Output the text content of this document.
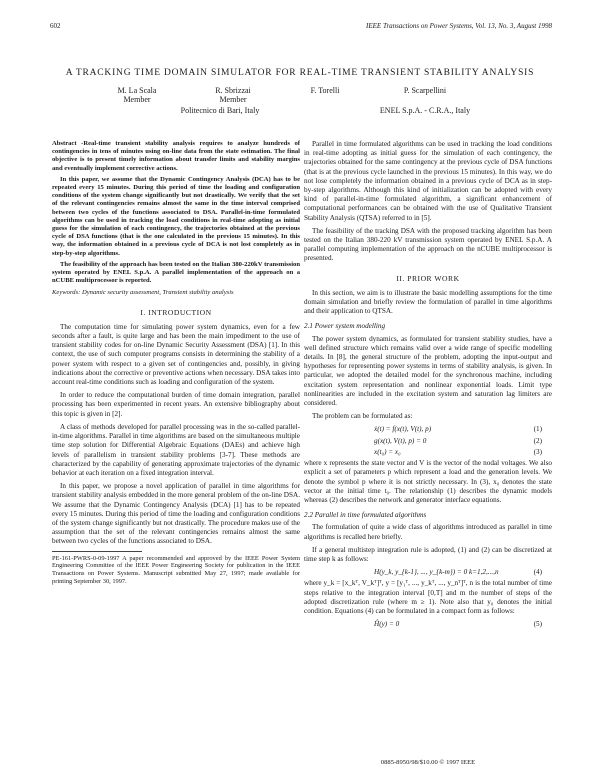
602	IEEE Transactions on Power Systems, Vol. 13, No. 3, August 1998
A TRACKING TIME DOMAIN SIMULATOR FOR REAL-TIME TRANSIENT STABILITY ANALYSIS
M. La Scala
Member
R. Sbrizzai
Member
F. Torelli	P. Scarpellini
Politecnico di Bari, Italy	ENEL S.p.A. - C.R.A., Italy

Abstract -Real-time transient stability analysis requires to analyze hundreds of contingencies in tens of minutes using on-line data from the state estimation. The final objective is to present timely information about transfer limits and stability margins and eventually implement corrective actions.

In this paper, we assume that the Dynamic Contingency Analysis (DCA) has to be repeated every 15 minutes. During this period of time the loading and configuration conditions of the system change significantly but not drastically. We verify that the set of the relevant contingencies remains almost the same in the time interval comprised between two cycles of the functions associated to DSA. Parallel-in-time formulated algorithms can be used in tracking the load conditions in real-time adopting as initial guess for the simulation of each contingency, the trajectories obtained at the previous cycle of DSA functions (that is the one calculated in the previous 15 minutes). In this way, the information obtained in a previous cycle of DCA is not lost completely as in step-by-step algorithms.

The feasibility of the approach has been tested on the Italian 380-220kV transmission system operated by ENEL S.p.A. A parallel implementation of the approach on a nCUBE multiprocessor is reported.

Keywords: Dynamic security assessment, Transient stability analysis
I. INTRODUCTION

The computation time for simulating power system dynamics, even for a few seconds after a fault, is quite large and has been the main impediment to the use of transient stability codes for on-line Dynamic Security Assessment (DSA) [1]. In this context, the use of such computer programs consists in determining the stability of a power system with respect to a given set of contingencies and, possibly, in giving indications about the corrective or preventive actions when necessary. DSA takes into account real-time conditions such as loading and configuration of the system.

In order to reduce the computational burden of time domain integration, parallel processing has been experimented in recent years. An extensive bibliography about this topic is given in [2].

A class of methods developed for parallel processing was in the so-called parallel-in-time algorithms. Parallel in time algorithms are based on the simultaneous multiple time step solution for Differential Algebraic Equations (DAEs) and achieve high levels of parallelism in transient stability problems [3-7]. These methods are characterized by the capability of generating approximate trajectories of the dynamic behavior at each iteration on a fixed integration interval.

In this paper, we propose a novel application of parallel in time algorithms for transient stability analysis embedded in the more general problem of the on-line DSA. We assume that the Dynamic Contingency Analysis (DCA) [1] has to be repeated every 15 minutes. During this period of time the loading and configuration conditions of the system change significantly but not drastically. The procedure makes use of the assumption that the set of the relevant contingencies remains almost the same between two cycles of the functions associated to DSA.

PE-161-PWRS-0-09-1997 A paper recommended and approved by the IEEE Power System Engineering Committee of the IEEE Power Engineering Society for publication in the IEEE Transactions on Power Systems. Manuscript submitted May 27, 1997; made available for printing September 30, 1997.

Parallel in time formulated algorithms can be used in tracking the load conditions in real-time adopting as initial guess for the simulation of each contingency, the trajectories obtained for the same contingency at the previous cycle of DSA functions (that is at the previous cycle launched in the previous 15 minutes). In this way, we do not lose completely the information obtained in a previous cycle of DCA as in step-by-step algorithms. Although this kind of initialization can be adopted with every kind of parallel-in-time formulated algorithm, a significant enhancement of computational performances can be obtained with the use of Qualitative Transient Stability Analysis (QTSA) referred to in [5].

The feasibility of the tracking DSA with the proposed tracking algorithm has been tested on the Italian 380-220 kV transmission system operated by ENEL S.p.A. A parallel computing implementation of the approach on the nCUBE multiprocessor is presented.

II. PRIOR WORK

In this section, we aim is to illustrate the basic modelling assumptions for the time domain simulation and briefly review the formulation of parallel in time algorithms and their application to QTSA.

2.1 Power system modelling

The power system dynamics, as formulated for transient stability studies, have a well defined structure which remains valid over a wide range of specific modelling details. In [8], the general structure of the problem, adopting the input-output and hypotheses for representing power systems in terms of stability analysis, is given. In particular, we adopted the detailed model for the synchronous machine, including excitation system representation and nonlinear exponential loads. Limit type nonlinearities are included in the excitation system and saturation lag limiters are considered.

The problem can be formulated as:

ẋ(t) = f(x(t), V(t), p)	(1)
g(x(t), V(t), p) = 0	(2)
x(t₀) = x₀	(3)

where x represents the state vector and V is the vector of the nodal voltages. We also explicit a set of parameters p which represent a load and the generation levels. We denote the symbol p where it is not strictly necessary. In (3), x₀ denotes the state vector at the initial time t₀. The relationship (1) describes the dynamic models whereas (2) describes the network and generator interface equations.

2.2 Parallel in time formulated algorithms

The formulation of quite a wide class of algorithms introduced as parallel in time algorithms is recalled here briefly.

If a general multistep integration rule is adopted, (1) and (2) can be discretized at time step k as follows:

H(y_k, y_{k-1}, ..., y_{k-m}) = 0 k=1,2,...,n	(4)

where y_k = [x_kᵀ, V_kᵀ]ᵀ, y = [y₁ᵀ, ..., y_kᵀ, ..., y_nᵀ]ᵀ, n is the total number of time steps relative to the integration interval [0,T] and m the number of steps of the adopted discretization rule (where m ≥ 1). Note also that y₀ denotes the initial condition. Equations (4) can be formulated in a compact form as follows:

Ĥ(y) = 0	(5)
0885-8950/98/$10.00 © 1997 IEEE
